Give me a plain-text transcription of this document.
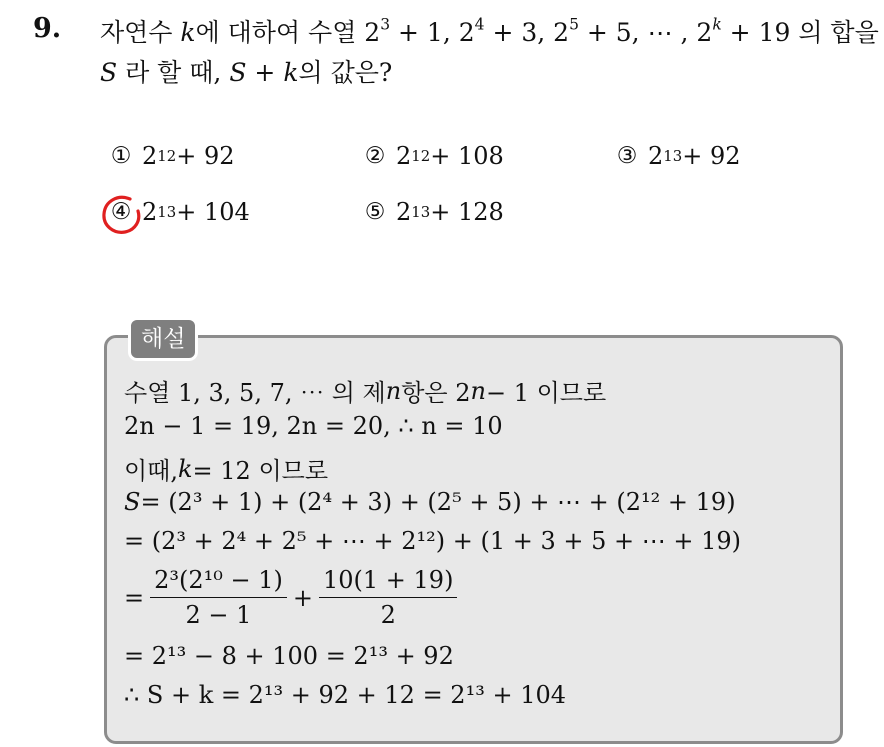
9. 자연수 k에 대하여 수열 $2^3 + 1$, $2^4 + 3$, $2^5 + 5$, ⋯ , $2^k + 19$ 의 합을
S 라 할 때, S + k의 값은?
① 2 12 + 92	② 2 12 + 108	③ 2 13 + 92
④ 2 13 + 104	⑤ 2 13 + 128
해설
수열 1, 3, 5, 7, ⋯ 의 제 n 항은 2 n − 1 이므로
2n − 1 = 19, 2n = 20, ∴ n = 10
이때, k = 12 이므로
S = (2³ + 1) + (2⁴ + 3) + (2⁵ + 5) + ⋯ + (2¹² + 19)
= (2³ + 2⁴ + 2⁵ + ⋯ + 2¹²) + (1 + 3 + 5 + ⋯ + 19)
= $\frac{\text{2³(2¹⁰ − 1)}}{2 - 1} + \frac{10(1 + 19)}{2}$
= 2¹³ − 8 + 100 = 2¹³ + 92
∴ S + k = 2¹³ + 92 + 12 = 2¹³ + 104
